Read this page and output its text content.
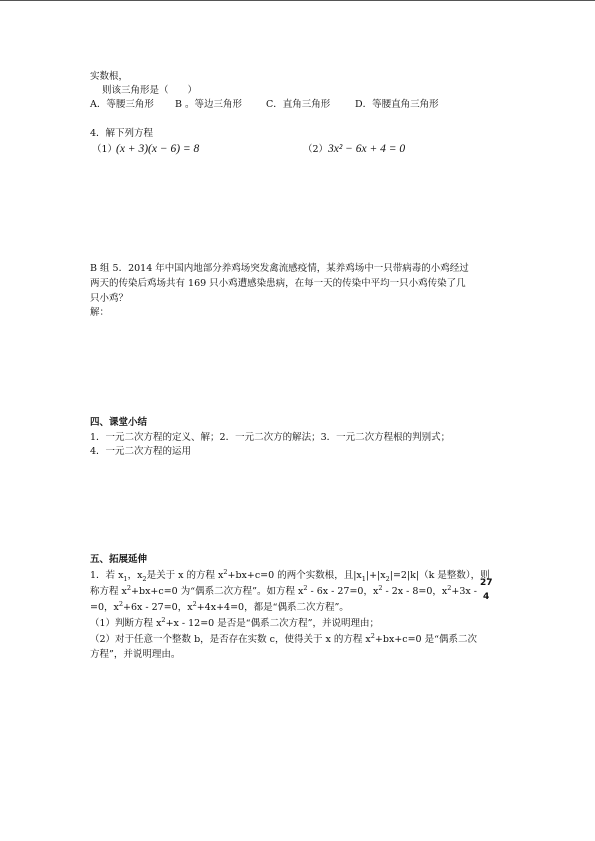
实数根，
则该三角形是（　　）
A．等腰三角形 B 。等边三角形	C．直角三角形	D．等腰直角三角形
4．解下列方程
（1）
(x + 3)(x − 6) = 8	（2） 3x² − 6x + 4 = 0
B 组 5．2014 年中国内地部分养鸡场突发禽流感疫情，某养鸡场中一只带病毒的小鸡经过
两天的传染后鸡场共有 169 只小鸡遭感染患病，在每一天的传染中平均一只小鸡传染了几
只小鸡？
解：
四、课堂小结
1．一元二次方程的定义、解；2．一元二次方的解法；3．一元二次方程根的判别式；
4．一元二次方程的运用
五、拓展延伸
1．若 $x_1$，$x_2$是关于 x 的方程 $x^2+bx+c=0$ 的两个实数根，且$|x_1|+|x_2|=2|k|(k$ 是整数），则
称方程 $x^2+bx+c=0$ 为“偶系二次方程”。如方程 $x^2 - 6x - 27=0$，$x^2 - 2x - 8=0$，$x^2+3x$ -
27
4
=0，$x^2+6x - 27=0$，$x^2+4x+4=0$，都是“偶系二次方程”。
（1）判断方程 $x^2+x - 12=0$ 是否是“偶系二次方程”，并说明理由；
（2）对于任意一个整数 b，是否存在实数 c，使得关于 x 的方程 $x^2+bx+c=0$ 是“偶系二次
方程”，并说明理由。
